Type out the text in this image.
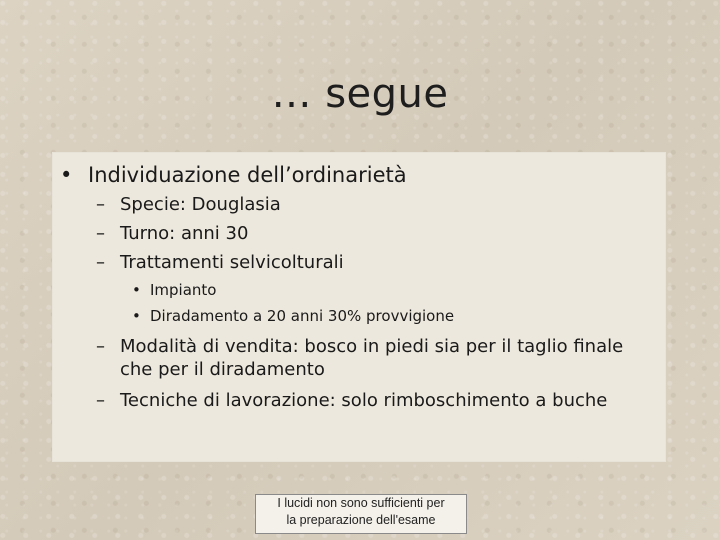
… segue
• Individuazione dell’ordinarietà
– Specie: Douglasia
– Turno: anni 30
– Trattamenti selvicolturali
• Impianto
• Diradamento a 20 anni 30% provvigione
– Modalità di vendita: bosco in piedi sia per il taglio finale che per il diradamento
– Tecniche di lavorazione: solo rimboschimento a buche
I lucidi non sono sufficienti per
la preparazione dell'esame
